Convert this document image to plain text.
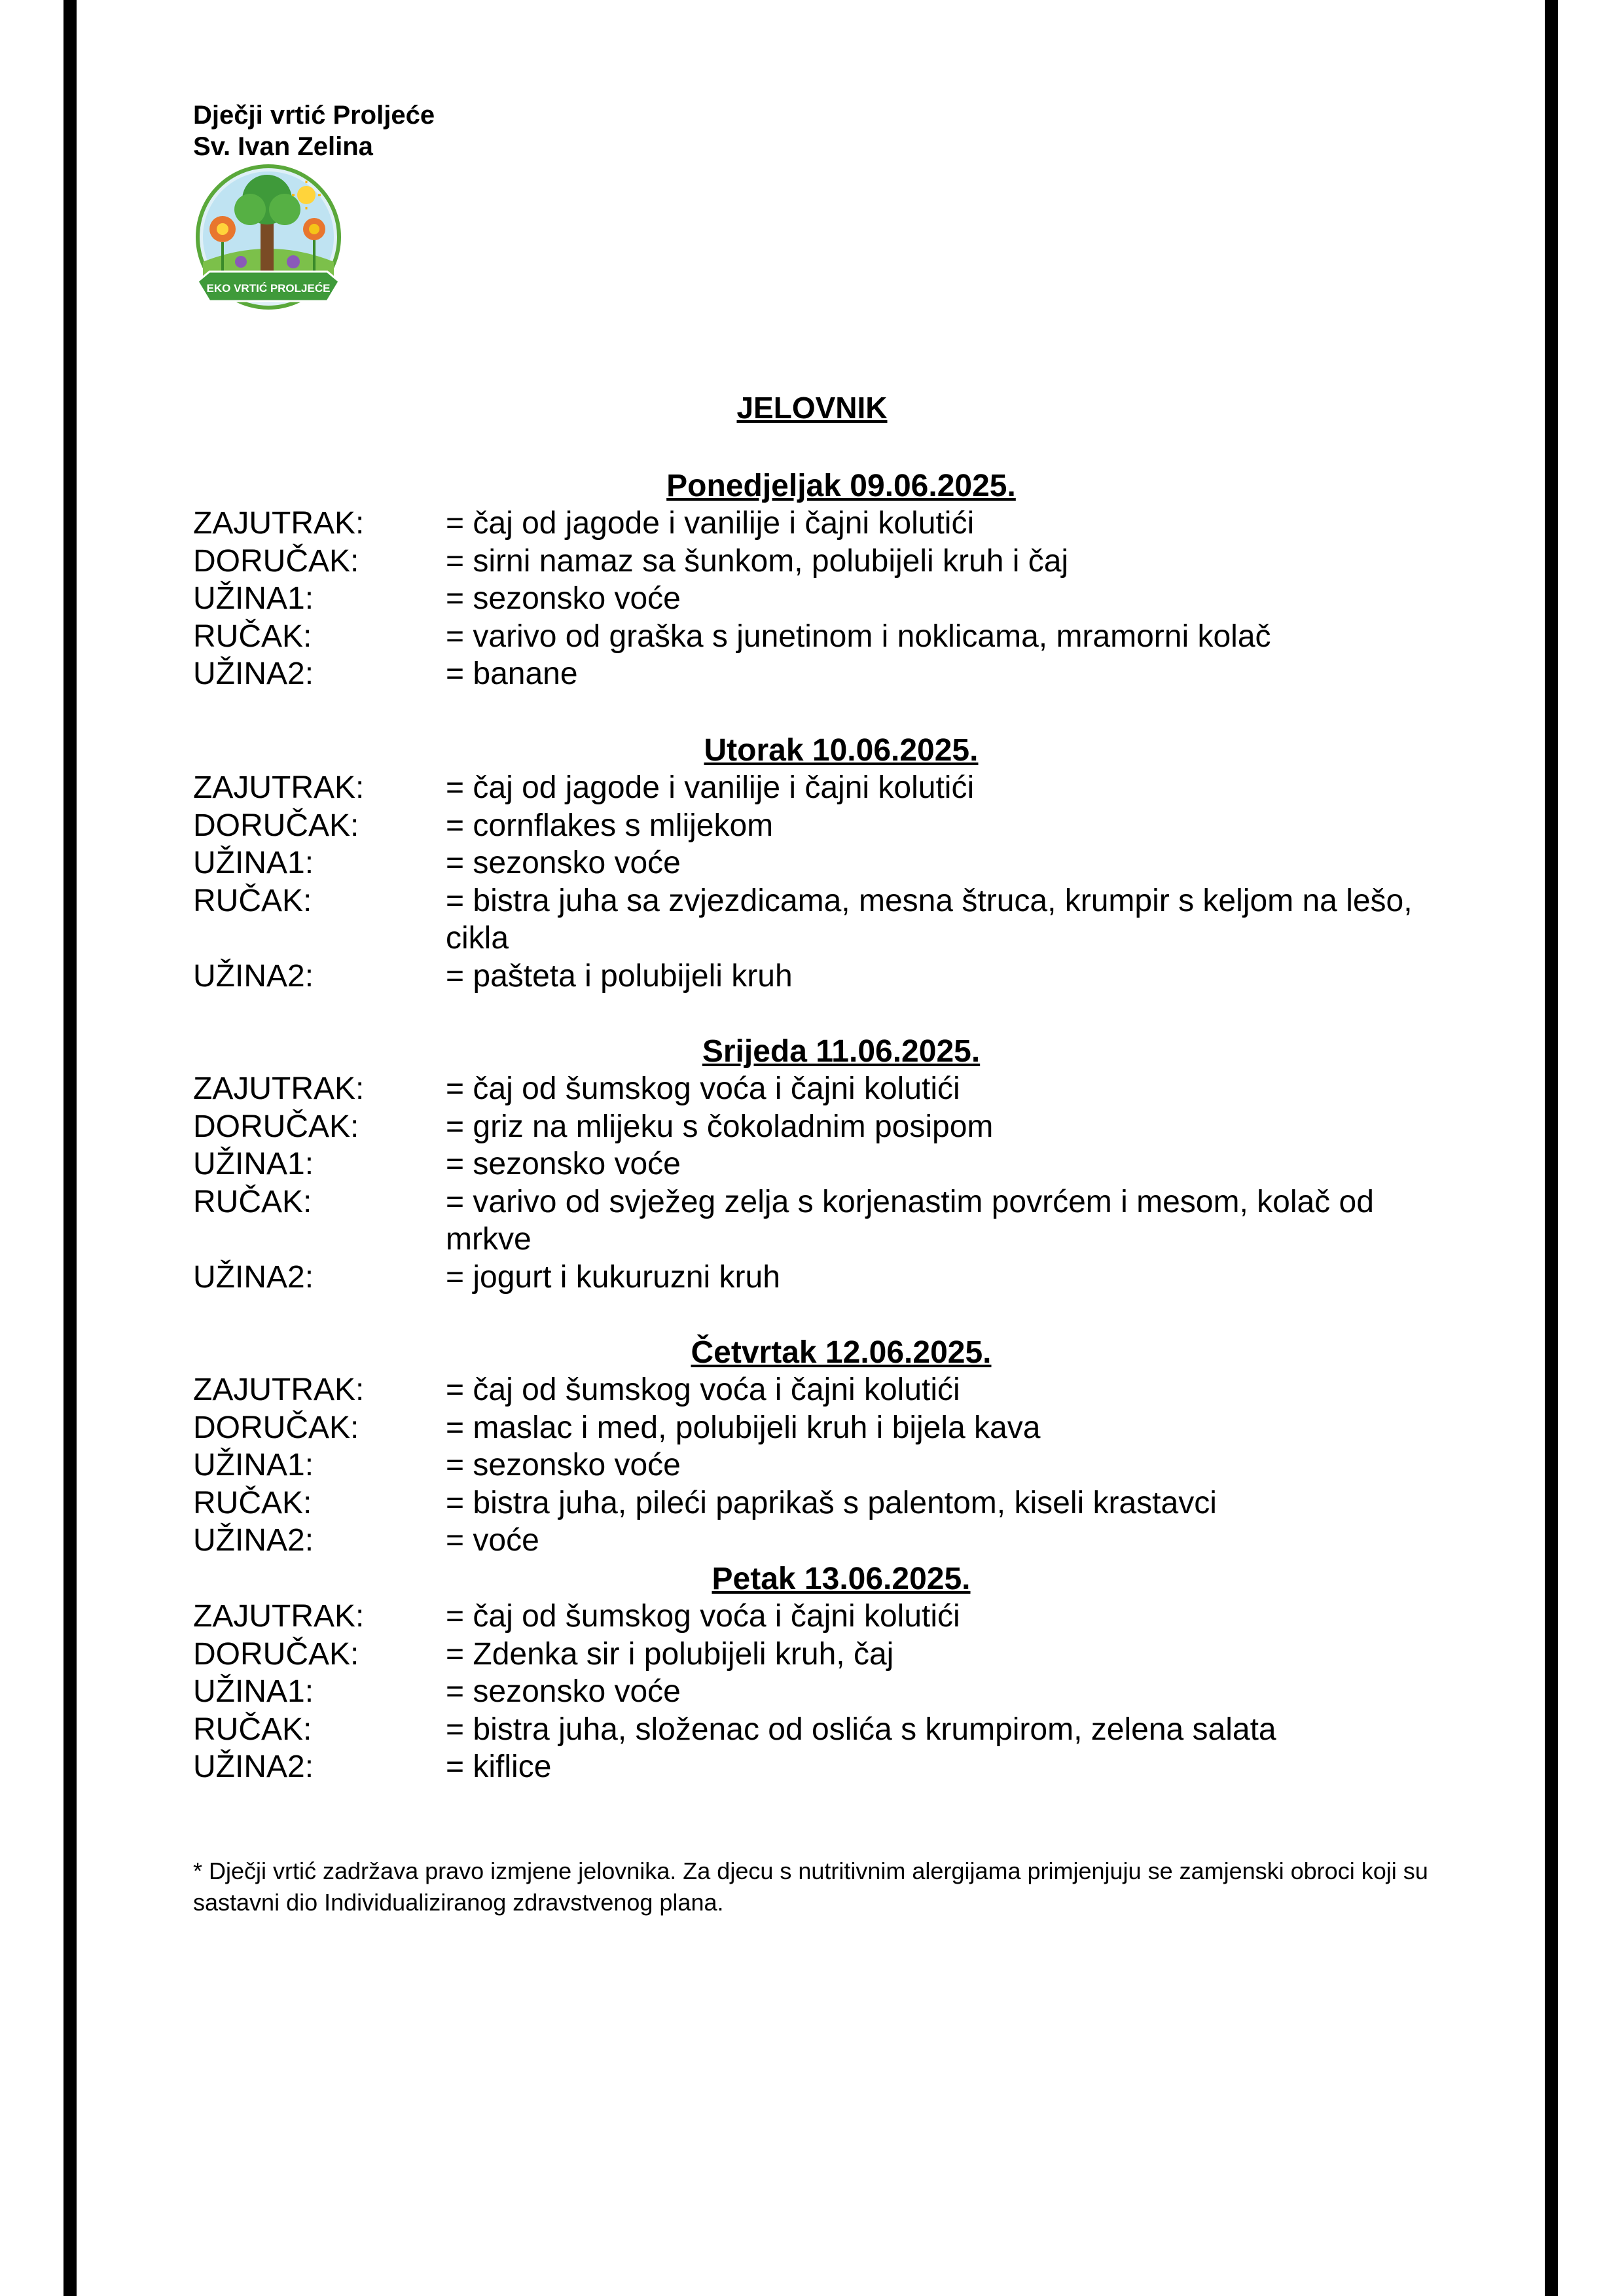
Dječji vrtić Proljeće
Sv. Ivan Zelina
EKO VRTIĆ PROLJEĆE
JELOVNIK
Ponedjeljak 09.06.2025.
ZAJUTRAK:	= čaj od jagode i vanilije i čajni kolutići
DORUČAK:	= sirni namaz sa šunkom, polubijeli kruh i čaj
UŽINA1:	= sezonsko voće
RUČAK:	= varivo od graška s junetinom i noklicama, mramorni kolač
UŽINA2:	= banane
Utorak 10.06.2025.
ZAJUTRAK:	= čaj od jagode i vanilije i čajni kolutići
DORUČAK:	= cornflakes s mlijekom
UŽINA1:	= sezonsko voće
RUČAK:	= bistra juha sa zvjezdicama, mesna štruca, krumpir s keljom na lešo, cikla
UŽINA2:	= pašteta i polubijeli kruh
Srijeda 11.06.2025.
ZAJUTRAK:	= čaj od šumskog voća i čajni kolutići
DORUČAK:	= griz na mlijeku s čokoladnim posipom
UŽINA1:	= sezonsko voće
RUČAK:	= varivo od svježeg zelja s korjenastim povrćem i mesom, kolač od mrkve
UŽINA2:	= jogurt i kukuruzni kruh
Četvrtak 12.06.2025.
ZAJUTRAK:	= čaj od šumskog voća i čajni kolutići
DORUČAK:	= maslac i med, polubijeli kruh i bijela kava
UŽINA1:	= sezonsko voće
RUČAK:	= bistra juha, pileći paprikaš s palentom, kiseli krastavci
UŽINA2:	= voće
Petak 13.06.2025.
ZAJUTRAK:	= čaj od šumskog voća i čajni kolutići
DORUČAK:	= Zdenka sir i polubijeli kruh, čaj
UŽINA1:	= sezonsko voće
RUČAK:	= bistra juha, složenac od oslića s krumpirom, zelena salata
UŽINA2:	= kiflice
* Dječji vrtić zadržava pravo izmjene jelovnika. Za djecu s nutritivnim alergijama primjenjuju se zamjenski obroci koji su sastavni dio Individualiziranog zdravstvenog plana.
